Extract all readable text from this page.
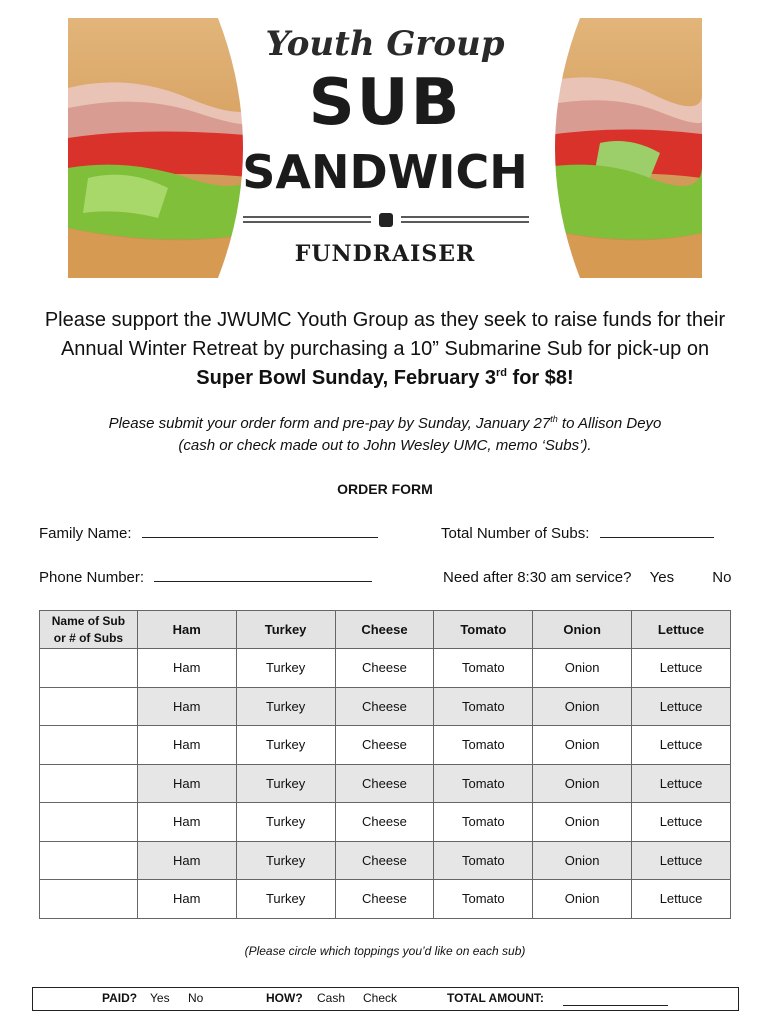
Youth Group
SUB
SANDWICH
FUNDRAISER
Please support the JWUMC Youth Group as they seek to raise funds for their
Annual Winter Retreat by purchasing a 10” Submarine Sub for pick-up on
Super Bowl Sunday, February 3rd for $8!
Please submit your order form and pre-pay by Sunday, January 27th to Allison Deyo
(cash or check made out to John Wesley UMC, memo ‘Subs’).
ORDER FORM
Family Name:	Total Number of Subs:
Phone Number:	Need after 8:30 am service? Yes	No
Name of Sub
or # of Subs	Ham	Turkey	Cheese	Tomato	Onion	Lettuce
	Ham	Turkey	Cheese	Tomato	Onion	Lettuce
	Ham	Turkey	Cheese	Tomato	Onion	Lettuce
	Ham	Turkey	Cheese	Tomato	Onion	Lettuce
	Ham	Turkey	Cheese	Tomato	Onion	Lettuce
	Ham	Turkey	Cheese	Tomato	Onion	Lettuce
	Ham	Turkey	Cheese	Tomato	Onion	Lettuce
	Ham	Turkey	Cheese	Tomato	Onion	Lettuce
(Please circle which toppings you’d like on each sub)
PAID? Yes No	HOW? Cash Check	TOTAL AMOUNT:
